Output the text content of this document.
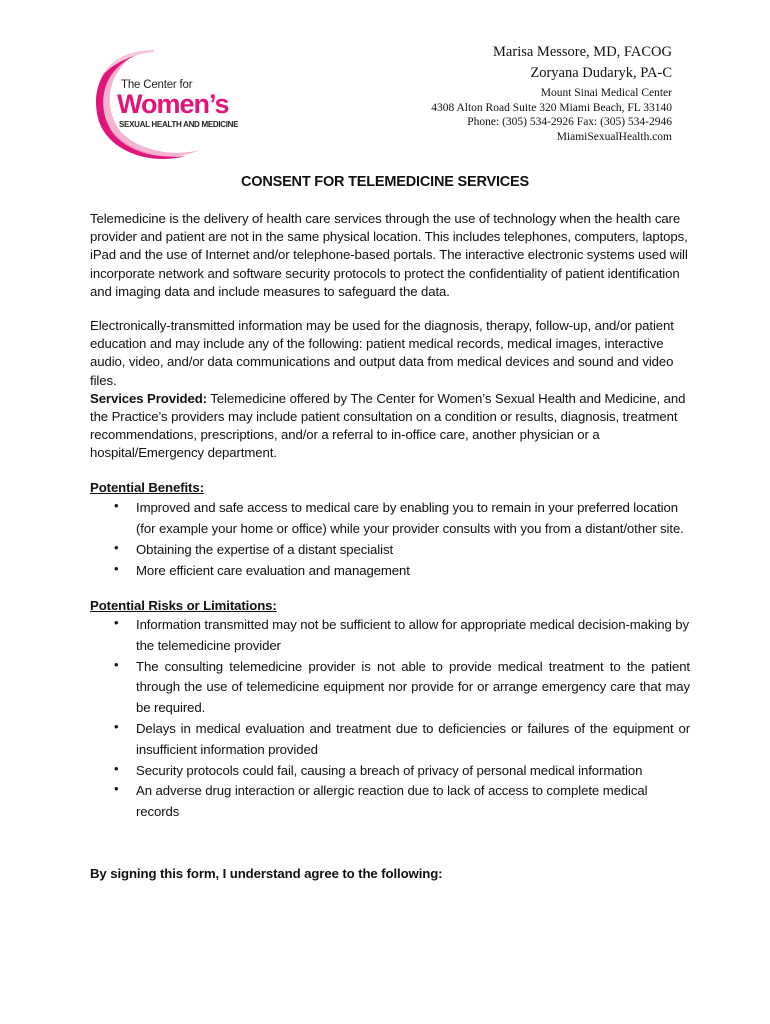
The Center for
Women’s
SEXUAL HEALTH AND MEDICINE
Marisa Messore, MD, FACOG
Zoryana Dudaryk, PA-C
Mount Sinai Medical Center
4308 Alton Road Suite 320 Miami Beach, FL 33140
Phone: (305) 534-2926 Fax: (305) 534-2946
MiamiSexualHealth.com
CONSENT FOR TELEMEDICINE SERVICES

Telemedicine is the delivery of health care services through the use of technology when the health care provider and patient are not in the same physical location. This includes telephones, computers, laptops, iPad and the use of Internet and/or telephone-based portals. The interactive electronic systems used will incorporate network and software security protocols to protect the confidentiality of patient identification and imaging data and include measures to safeguard the data.

Electronically-transmitted information may be used for the diagnosis, therapy, follow-up, and/or patient education and may include any of the following: patient medical records, medical images, interactive audio, video, and/or data communications and output data from medical devices and sound and video files.

Services Provided: Telemedicine offered by The Center for Women’s Sexual Health and Medicine, and the Practice’s providers may include patient consultation on a condition or results, diagnosis, treatment recommendations, prescriptions, and/or a referral to in-office care, another physician or a hospital/Emergency department.

Potential Benefits:

• Improved and safe access to medical care by enabling you to remain in your preferred location (for example your home or office) while your provider consults with you from a distant/other site.
• Obtaining the expertise of a distant specialist
• More efficient care evaluation and management

Potential Risks or Limitations:

• Information transmitted may not be sufficient to allow for appropriate medical decision-making by the telemedicine provider
• The consulting telemedicine provider is not able to provide medical treatment to the patient through the use of telemedicine equipment nor provide for or arrange emergency care that may be required.
• Delays in medical evaluation and treatment due to deficiencies or failures of the equipment or insufficient information provided
• Security protocols could fail, causing a breach of privacy of personal medical information
• An adverse drug interaction or allergic reaction due to lack of access to complete medical records

By signing this form, I understand agree to the following:
